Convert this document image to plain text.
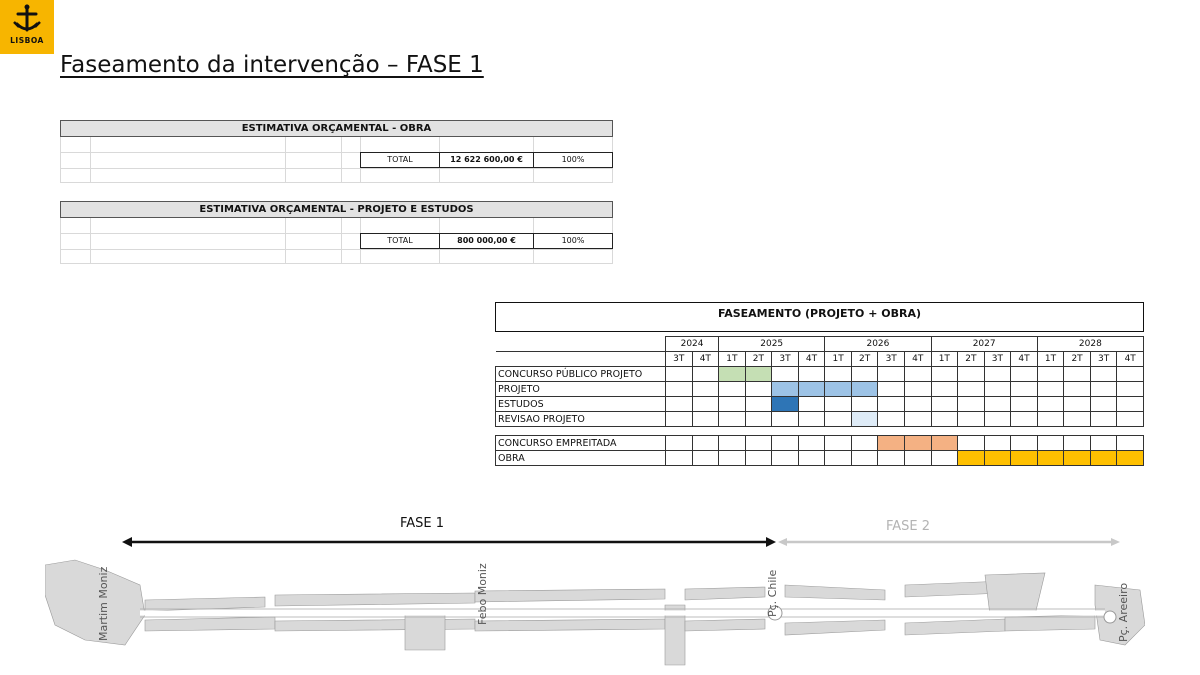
LISBOA
Faseamento da intervenção – FASE 1
ESTIMATIVA ORÇAMENTAL - OBRA
TOTAL	12 622 600,00 €	100%
ESTIMATIVA ORÇAMENTAL - PROJETO E ESTUDOS
TOTAL	800 000,00 €	100%
FASEAMENTO (PROJETO + OBRA)
	2024		2025				2026				2027				2028			
	3T	4T	1T	2T	3T	4T	1T	2T	3T	4T	1T	2T	3T	4T	1T	2T	3T	4T
CONCURSO PÚBLICO PROJETO																		
PROJETO																		
ESTUDOS																		
REVISAO PROJETO																		

CONCURSO EMPREITADA																		
OBRA																		
FASE 1	FASE 2
Martim Moniz	Febo Moniz	Pç. Chile	Pç. Areeiro
